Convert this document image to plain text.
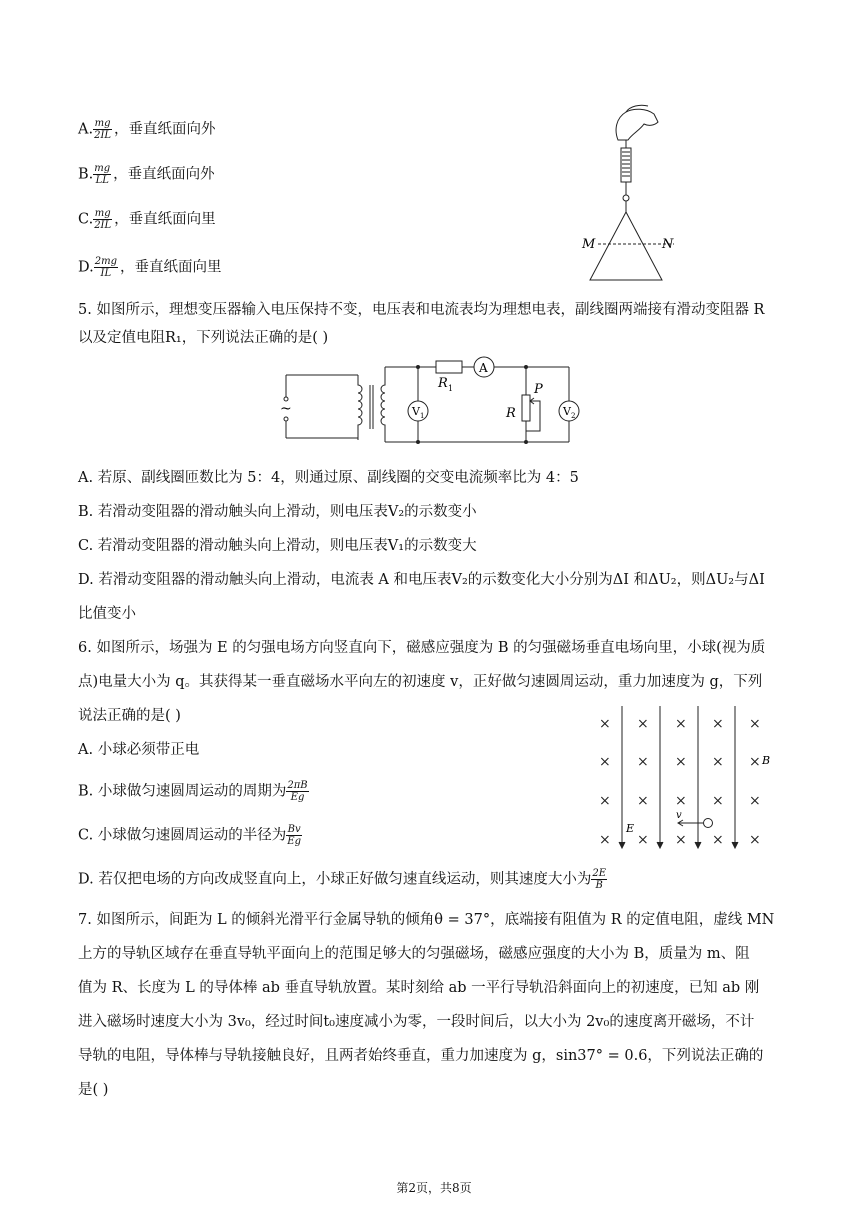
A. $\frac{mg}{2IL}$ ，垂直纸面向外
B. $\frac{mg}{LL}$ ，垂直纸面向外
C. $\frac{mg}{2IL}$ ，垂直纸面向里
D. $\frac{2mg}{IL}$ ，垂直纸面向里
M	N
5. 如图所示，理想变压器输入电压保持不变，电压表和电流表均为理想电表，副线圈两端接有滑动变阻器 R
以及定值电阻R₁，下列说法正确的是( )
~
A
R 1
V 1	R
P
V 2
A. 若原、副线圈匝数比为 5：4，则通过原、副线圈的交变电流频率比为 4：5
B. 若滑动变阻器的滑动触头向上滑动，则电压表V₂的示数变小
C. 若滑动变阻器的滑动触头向上滑动，则电压表V₁的示数变大
D. 若滑动变阻器的滑动触头向上滑动，电流表 A 和电压表V₂的示数变化大小分别为ΔI 和ΔU₂，则ΔU₂与ΔI
比值变小
6. 如图所示，场强为 E 的匀强电场方向竖直向下，磁感应强度为 B 的匀强磁场垂直电场向里，小球(视为质
点)电量大小为 q。其获得某一垂直磁场水平向左的初速度 v，正好做匀速圆周运动，重力加速度为 g，下列
说法正确的是( )
A. 小球必须带正电
B. 小球做匀速圆周运动的周期为 $\frac{2\pi B}{Eg}$
C. 小球做匀速圆周运动的半径为 $\frac{Bv}{Eg}$
D. 若仅把电场的方向改成竖直向上，小球正好做匀速直线运动，则其速度大小为 $\frac{2E}{B}$
× × × × ×
× × × × ×
× × × × ×
× × × × ×
v
E
B
7. 如图所示，间距为 L 的倾斜光滑平行金属导轨的倾角θ = 37°，底端接有阻值为 R 的定值电阻，虚线 MN
上方的导轨区域存在垂直导轨平面向上的范围足够大的匀强磁场，磁感应强度的大小为 B，质量为 m、阻
值为 R、长度为 L 的导体棒 ab 垂直导轨放置。某时刻给 ab 一平行导轨沿斜面向上的初速度，已知 ab 刚
进入磁场时速度大小为 3v₀，经过时间t₀速度减小为零，一段时间后，以大小为 2v₀的速度离开磁场，不计
导轨的电阻，导体棒与导轨接触良好，且两者始终垂直，重力加速度为 g，sin37° = 0.6，下列说法正确的
是( )
第2页，共8页
